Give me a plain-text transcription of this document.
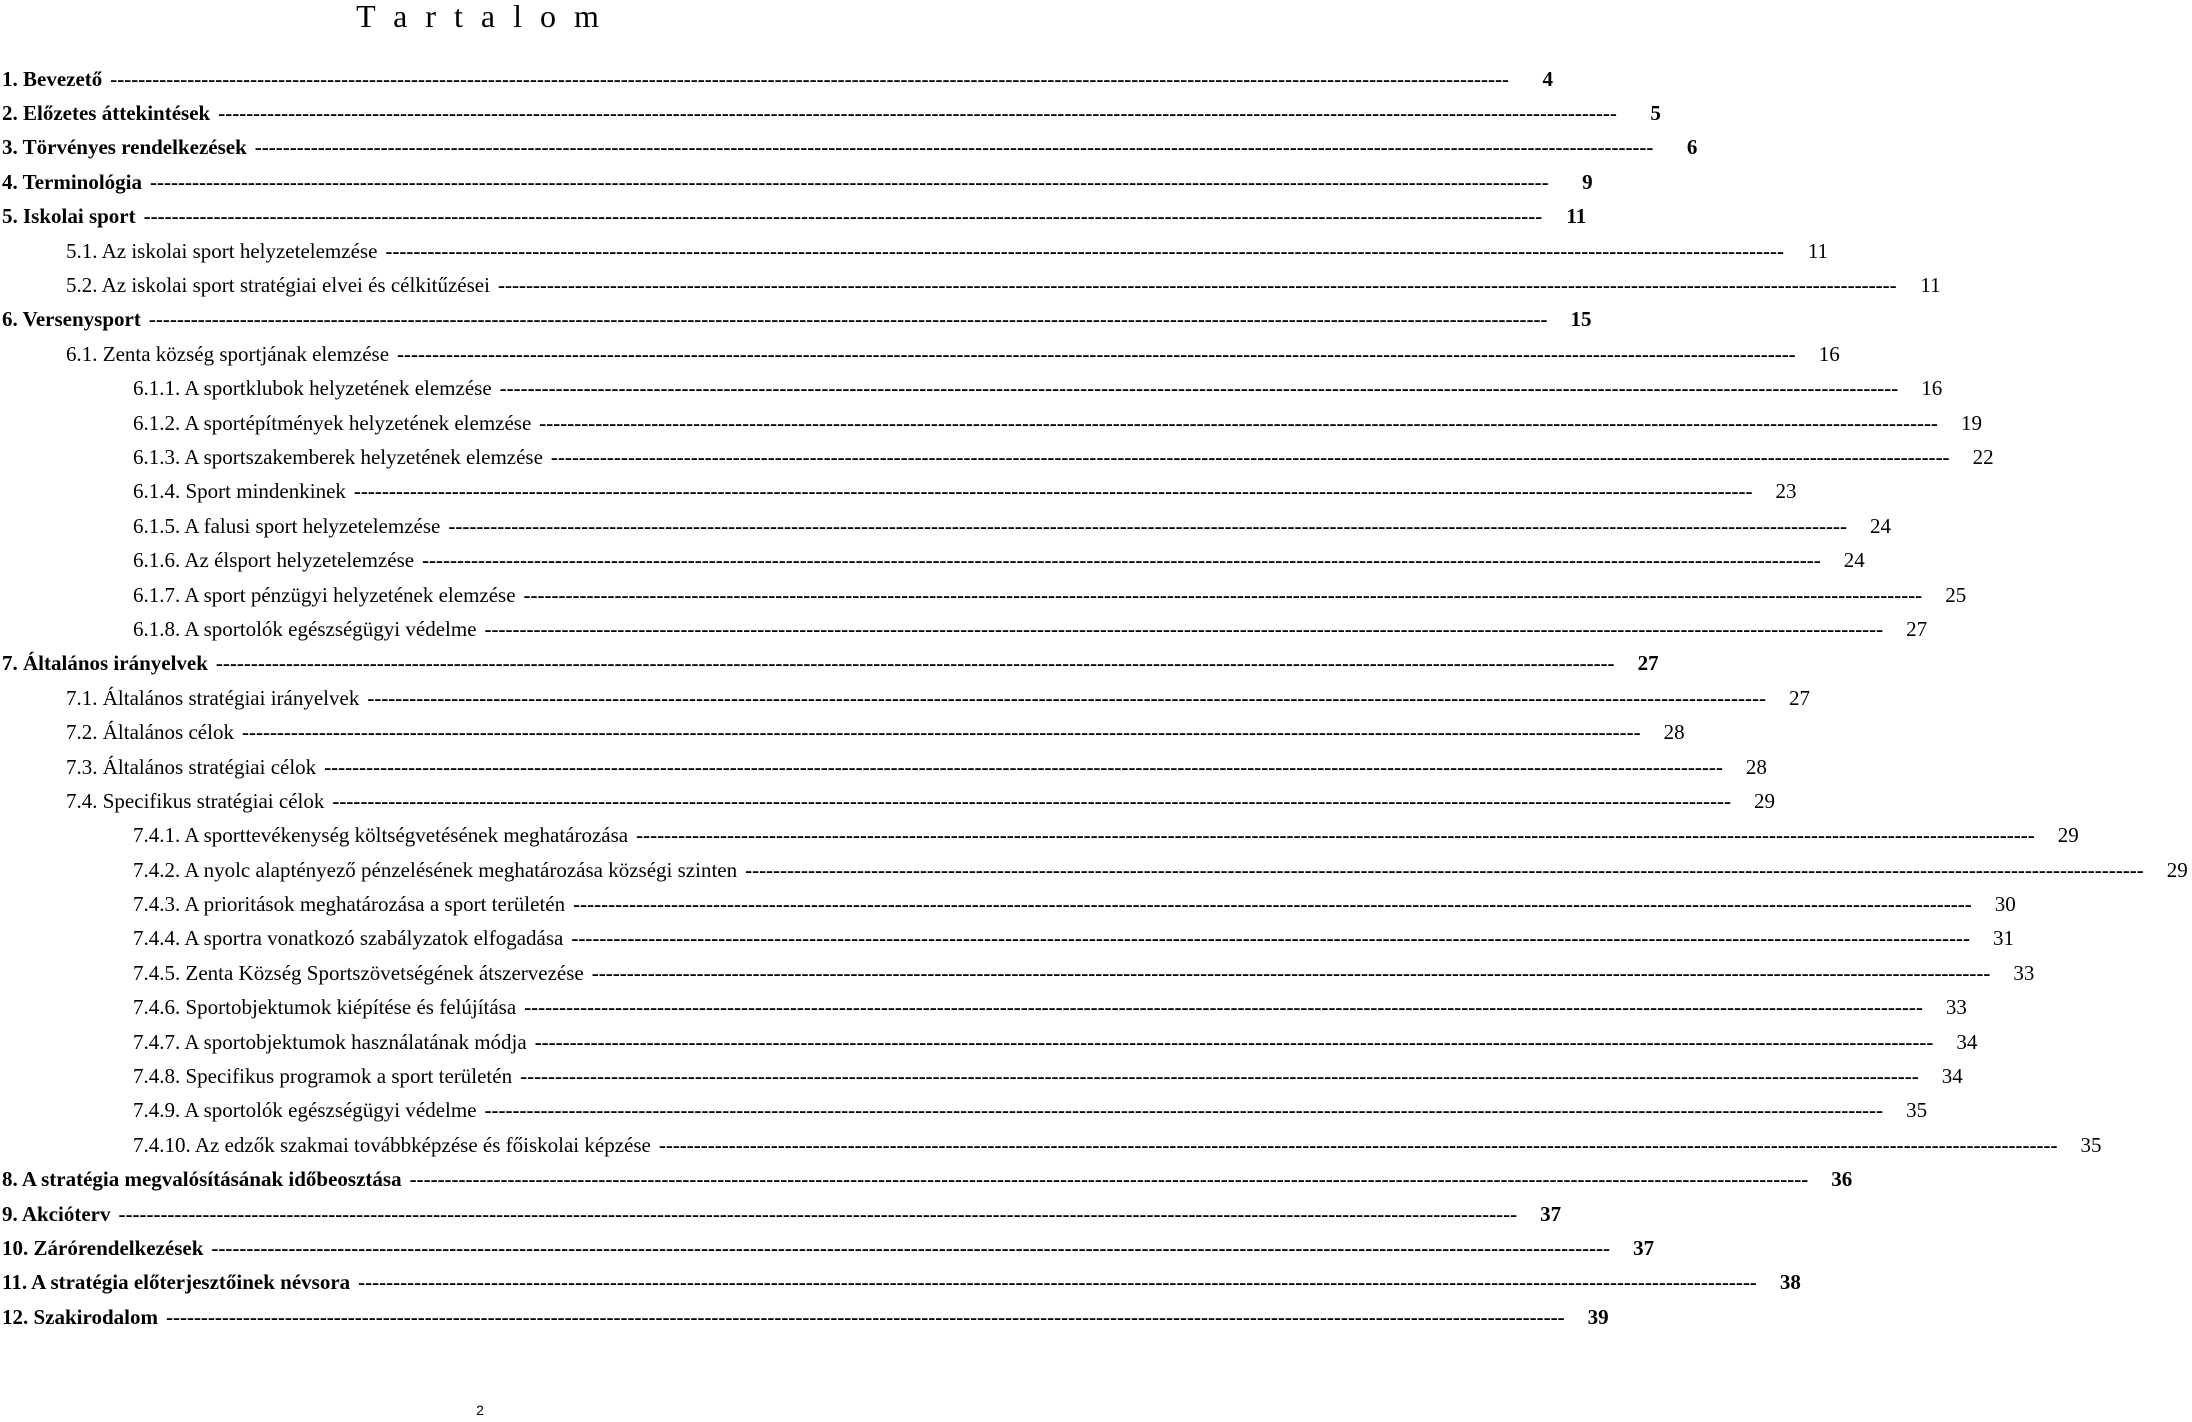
T a r t a l o m
1. Bevezető --------------------------------------------------------------------------------------------------------------------------------------------------------------------------------------------------------	4
2. Előzetes áttekintések --------------------------------------------------------------------------------------------------------------------------------------------------------------------------------------------------------	5
3. Törvényes rendelkezések --------------------------------------------------------------------------------------------------------------------------------------------------------------------------------------------------------	6
4. Terminológia --------------------------------------------------------------------------------------------------------------------------------------------------------------------------------------------------------	9
5. Iskolai sport --------------------------------------------------------------------------------------------------------------------------------------------------------------------------------------------------------	11
5.1. Az iskolai sport helyzetelemzése --------------------------------------------------------------------------------------------------------------------------------------------------------------------------------------------------------	11
5.2. Az iskolai sport stratégiai elvei és célkitűzései --------------------------------------------------------------------------------------------------------------------------------------------------------------------------------------------------------	11
6. Versenysport --------------------------------------------------------------------------------------------------------------------------------------------------------------------------------------------------------	15
6.1. Zenta község sportjának elemzése --------------------------------------------------------------------------------------------------------------------------------------------------------------------------------------------------------	16
6.1.1. A sportklubok helyzetének elemzése --------------------------------------------------------------------------------------------------------------------------------------------------------------------------------------------------------	16
6.1.2. A sportépítmények helyzetének elemzése --------------------------------------------------------------------------------------------------------------------------------------------------------------------------------------------------------	19
6.1.3. A sportszakemberek helyzetének elemzése --------------------------------------------------------------------------------------------------------------------------------------------------------------------------------------------------------	22
6.1.4. Sport mindenkinek --------------------------------------------------------------------------------------------------------------------------------------------------------------------------------------------------------	23
6.1.5. A falusi sport helyzetelemzése --------------------------------------------------------------------------------------------------------------------------------------------------------------------------------------------------------	24
6.1.6. Az élsport helyzetelemzése --------------------------------------------------------------------------------------------------------------------------------------------------------------------------------------------------------	24
6.1.7. A sport pénzügyi helyzetének elemzése --------------------------------------------------------------------------------------------------------------------------------------------------------------------------------------------------------	25
6.1.8. A sportolók egészségügyi védelme --------------------------------------------------------------------------------------------------------------------------------------------------------------------------------------------------------	27
7. Általános irányelvek --------------------------------------------------------------------------------------------------------------------------------------------------------------------------------------------------------	27
7.1. Általános stratégiai irányelvek --------------------------------------------------------------------------------------------------------------------------------------------------------------------------------------------------------	27
7.2. Általános célok --------------------------------------------------------------------------------------------------------------------------------------------------------------------------------------------------------	28
7.3. Általános stratégiai célok --------------------------------------------------------------------------------------------------------------------------------------------------------------------------------------------------------	28
7.4. Specifikus stratégiai célok --------------------------------------------------------------------------------------------------------------------------------------------------------------------------------------------------------	29
7.4.1. A sporttevékenység költségvetésének meghatározása --------------------------------------------------------------------------------------------------------------------------------------------------------------------------------------------------------	29
7.4.2. A nyolc alaptényező pénzelésének meghatározása községi szinten --------------------------------------------------------------------------------------------------------------------------------------------------------------------------------------------------------	29
7.4.3. A prioritások meghatározása a sport területén --------------------------------------------------------------------------------------------------------------------------------------------------------------------------------------------------------	30
7.4.4. A sportra vonatkozó szabályzatok elfogadása --------------------------------------------------------------------------------------------------------------------------------------------------------------------------------------------------------	31
7.4.5. Zenta Község Sportszövetségének átszervezése --------------------------------------------------------------------------------------------------------------------------------------------------------------------------------------------------------	33
7.4.6. Sportobjektumok kiépítése és felújítása --------------------------------------------------------------------------------------------------------------------------------------------------------------------------------------------------------	33
7.4.7. A sportobjektumok használatának módja --------------------------------------------------------------------------------------------------------------------------------------------------------------------------------------------------------	34
7.4.8. Specifikus programok a sport területén --------------------------------------------------------------------------------------------------------------------------------------------------------------------------------------------------------	34
7.4.9. A sportolók egészségügyi védelme --------------------------------------------------------------------------------------------------------------------------------------------------------------------------------------------------------	35
7.4.10. Az edzők szakmai továbbképzése és főiskolai képzése --------------------------------------------------------------------------------------------------------------------------------------------------------------------------------------------------------	35
8. A stratégia megvalósításának időbeosztása --------------------------------------------------------------------------------------------------------------------------------------------------------------------------------------------------------	36
9. Akcióterv --------------------------------------------------------------------------------------------------------------------------------------------------------------------------------------------------------	37
10. Zárórendelkezések --------------------------------------------------------------------------------------------------------------------------------------------------------------------------------------------------------	37
11. A stratégia előterjesztőinek névsora --------------------------------------------------------------------------------------------------------------------------------------------------------------------------------------------------------	38
12. Szakirodalom --------------------------------------------------------------------------------------------------------------------------------------------------------------------------------------------------------	39
2
